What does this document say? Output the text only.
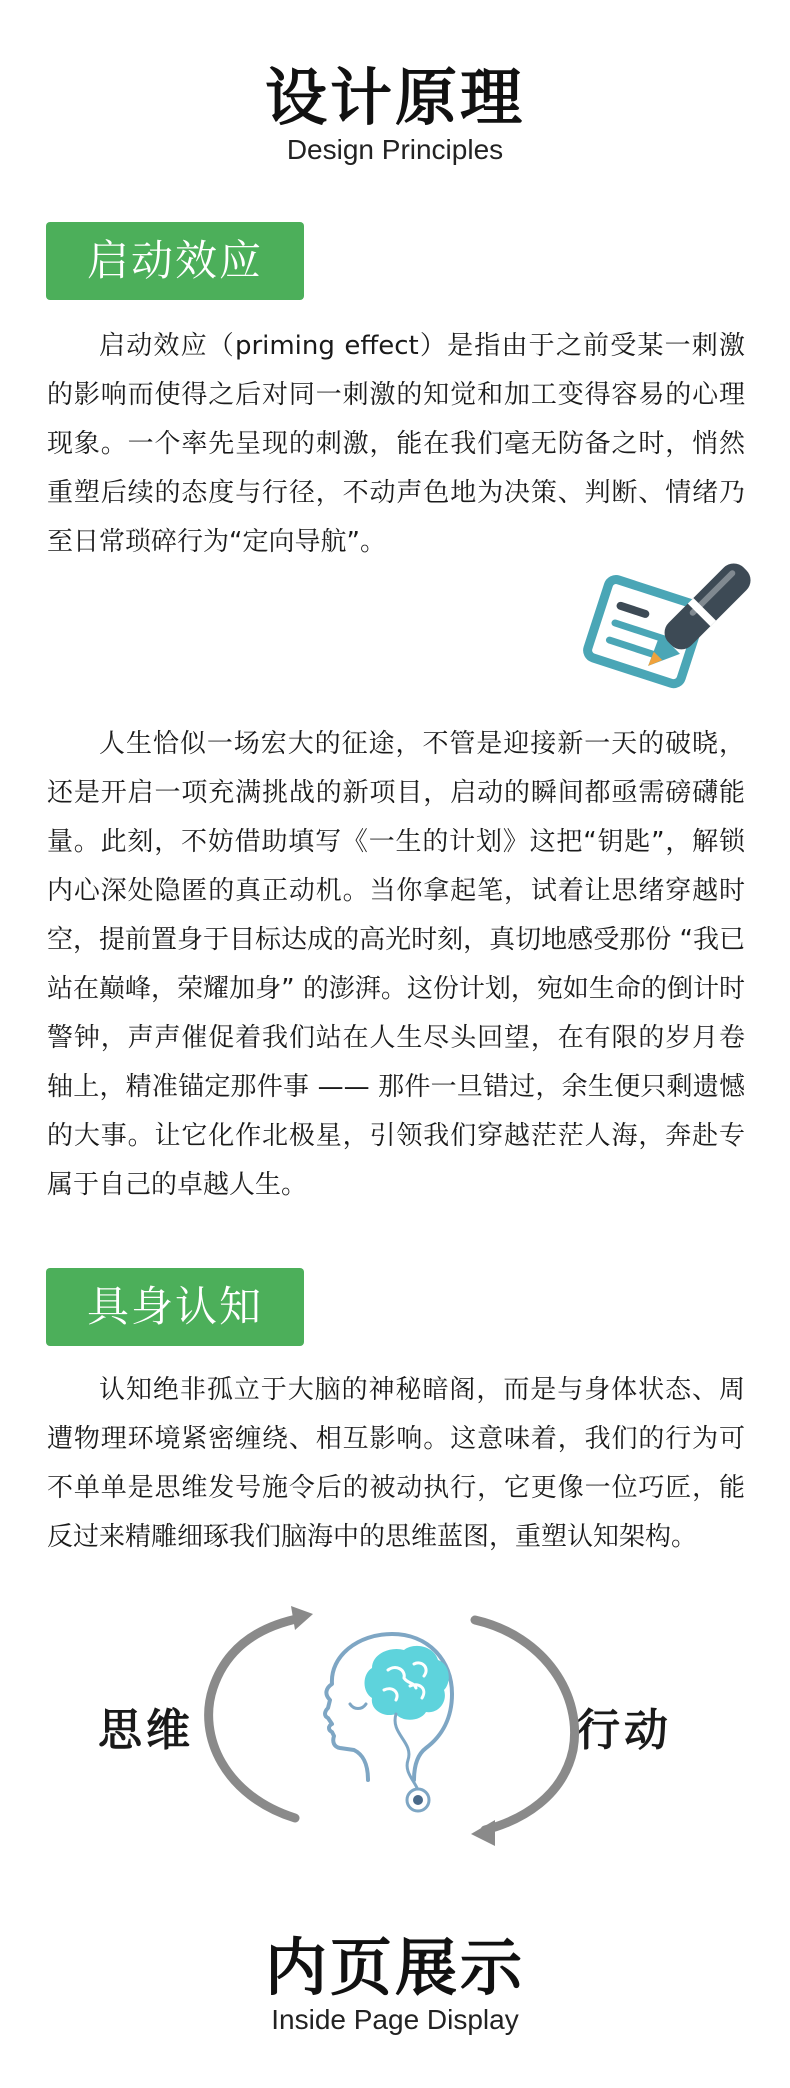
设计原理
Design Principles
启动效应
启动效应（priming effect）是指由于之前受某一刺激的影响而使得之后对同一刺激的知觉和加工变得容易的心理现象。一个率先呈现的刺激，能在我们毫无防备之时，悄然重塑后续的态度与行径，不动声色地为决策、判断、情绪乃至日常琐碎行为“定向导航”。
人生恰似一场宏大的征途，不管是迎接新一天的破晓，还是开启一项充满挑战的新项目，启动的瞬间都亟需磅礴能量。此刻，不妨借助填写《一生的计划》这把“钥匙”，解锁内心深处隐匿的真正动机。当你拿起笔，试着让思绪穿越时空，提前置身于目标达成的高光时刻，真切地感受那份 “我已站在巅峰，荣耀加身” 的澎湃。这份计划，宛如生命的倒计时警钟，声声催促着我们站在人生尽头回望，在有限的岁月卷轴上，精准锚定那件事 —— 那件一旦错过，余生便只剩遗憾的大事。让它化作北极星，引领我们穿越茫茫人海，奔赴专属于自己的卓越人生。
具身认知
认知绝非孤立于大脑的神秘暗阁，而是与身体状态、周遭物理环境紧密缠绕、相互影响。这意味着，我们的行为可不单单是思维发号施令后的被动执行，它更像一位巧匠，能反过来精雕细琢我们脑海中的思维蓝图，重塑认知架构。
思维	行动
内页展示
Inside Page Display
